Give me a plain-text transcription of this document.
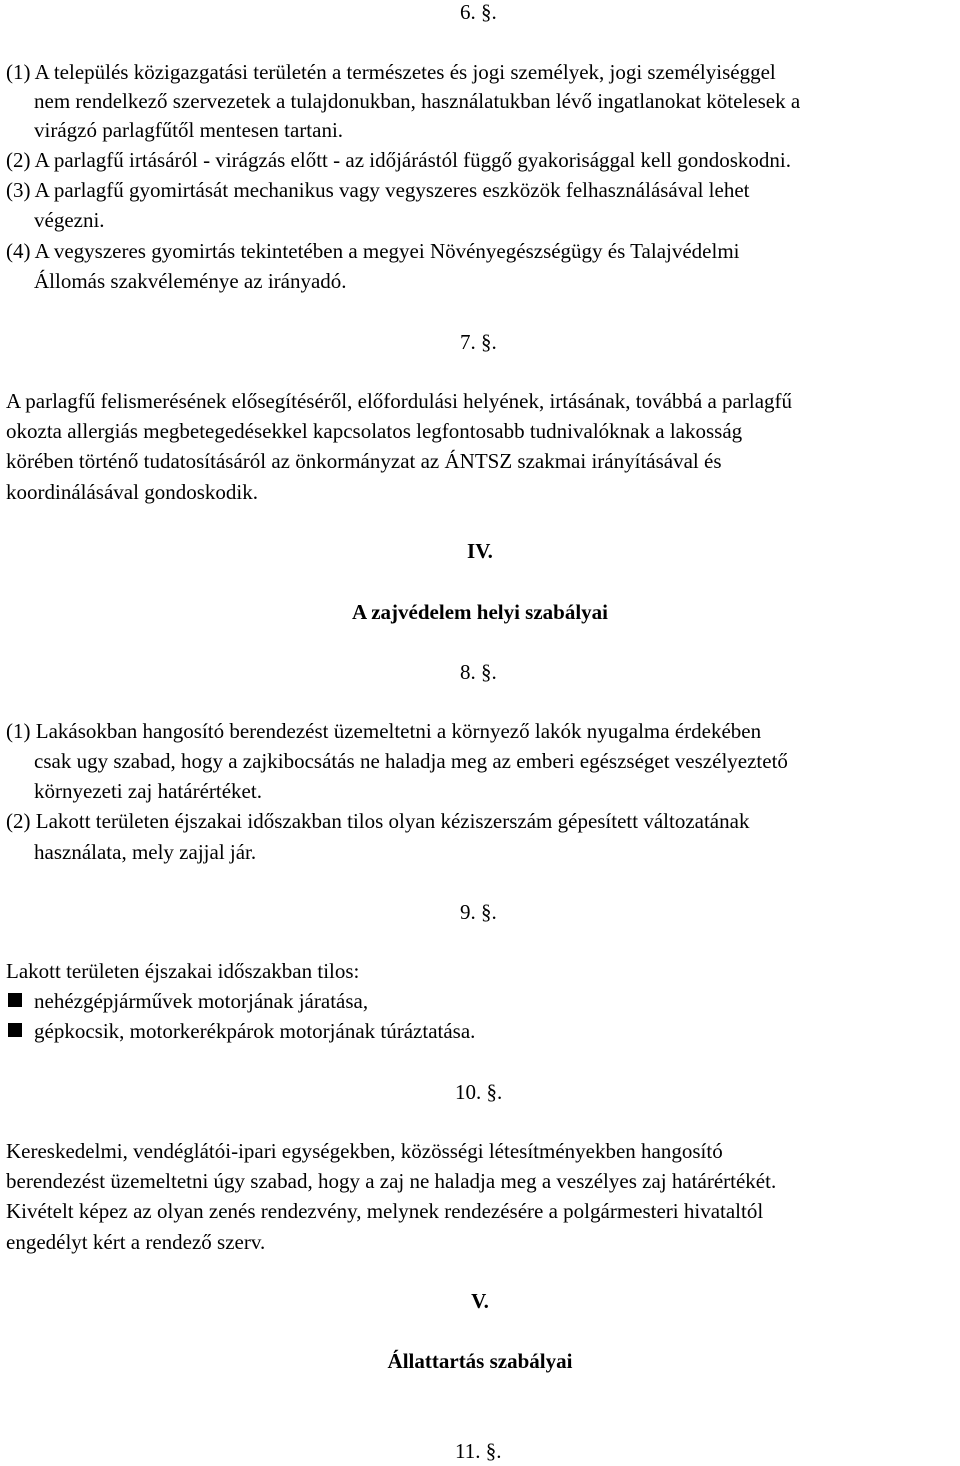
6. §.
(1) A település közigazgatási területén a természetes és jogi személyek, jogi személyiséggel
nem rendelkező szervezetek a tulajdonukban, használatukban lévő ingatlanokat kötelesek a
virágzó parlagfűtől mentesen tartani.
(2) A parlagfű irtásáról - virágzás előtt - az időjárástól függő gyakorisággal kell gondoskodni.
(3) A parlagfű gyomirtását mechanikus vagy vegyszeres eszközök felhasználásával lehet
végezni.
(4) A vegyszeres gyomirtás tekintetében a megyei Növényegészségügy és Talajvédelmi
Állomás szakvéleménye az irányadó.
7. §.
A parlagfű felismerésének elősegítéséről, előfordulási helyének, irtásának, továbbá a parlagfű
okozta allergiás megbetegedésekkel kapcsolatos legfontosabb tudnivalóknak a lakosság
körében történő tudatosításáról az önkormányzat az ÁNTSZ szakmai irányításával és
koordinálásával gondoskodik.
IV.
A zajvédelem helyi szabályai
8. §.
(1) Lakásokban hangosító berendezést üzemeltetni a környező lakók nyugalma érdekében
csak ugy szabad, hogy a zajkibocsátás ne haladja meg az emberi egészséget veszélyeztető
környezeti zaj határértéket.
(2) Lakott területen éjszakai időszakban tilos olyan kéziszerszám gépesített változatának
használata, mely zajjal jár.
9. §.
Lakott területen éjszakai időszakban tilos:
nehézgépjárművek motorjának járatása,
gépkocsik, motorkerékpárok motorjának túráztatása.
10. §.
Kereskedelmi, vendéglátói-ipari egységekben, közösségi létesítményekben hangosító
berendezést üzemeltetni úgy szabad, hogy a zaj ne haladja meg a veszélyes zaj határértékét.
Kivételt képez az olyan zenés rendezvény, melynek rendezésére a polgármesteri hivataltól
engedélyt kért a rendező szerv.
V.
Állattartás szabályai
11. §.
